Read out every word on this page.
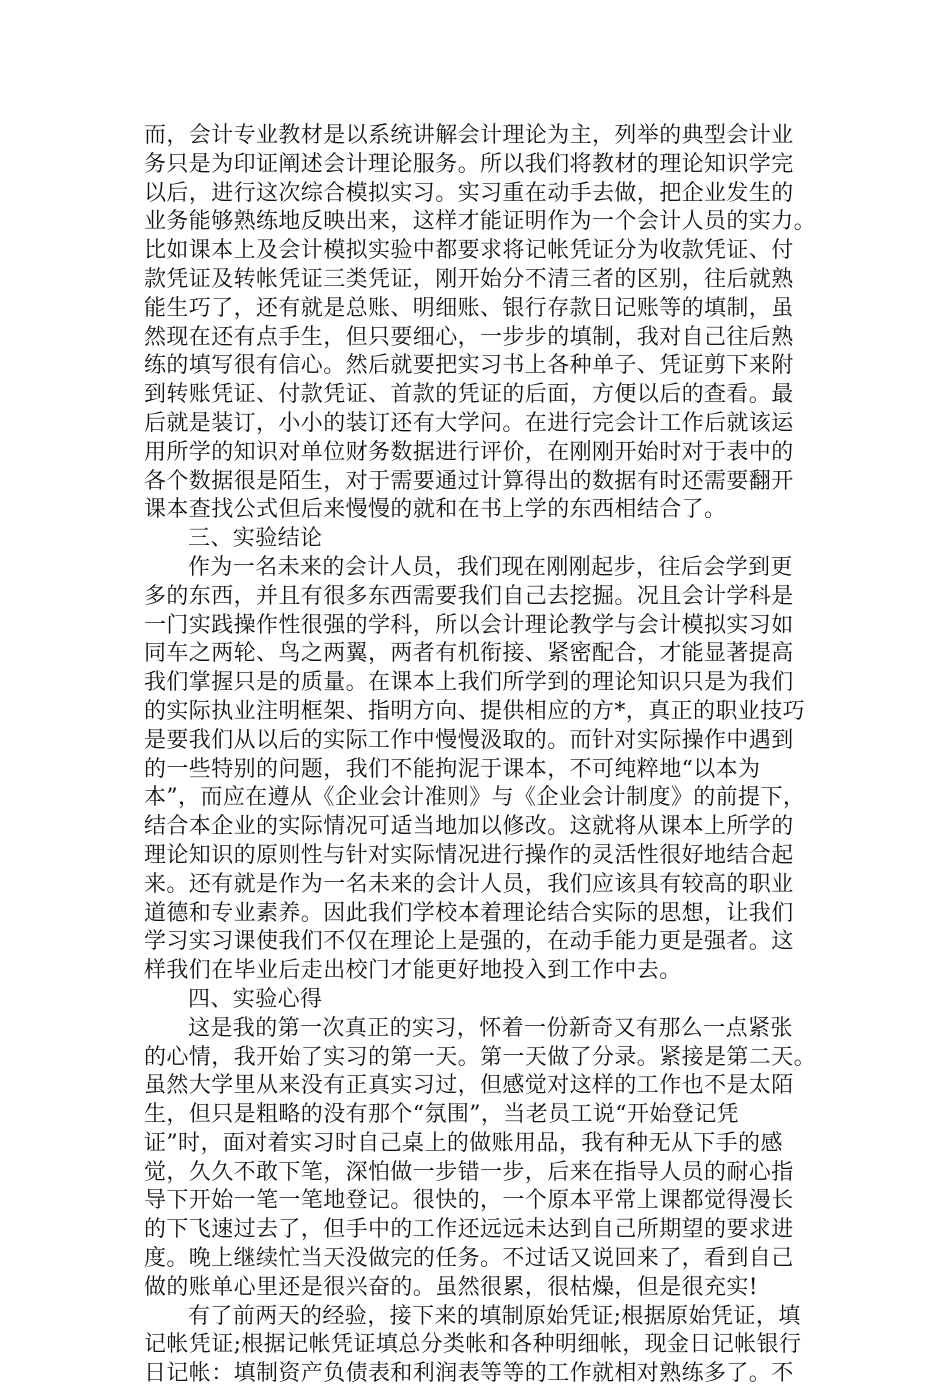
而，会计专业教材是以系统讲解会计理论为主，列举的典型会计业
务只是为印证阐述会计理论服务。所以我们将教材的理论知识学完
以后，进行这次综合模拟实习。实习重在动手去做，把企业发生的
业务能够熟练地反映出来，这样才能证明作为一个会计人员的实力。
比如课本上及会计模拟实验中都要求将记帐凭证分为收款凭证、付
款凭证及转帐凭证三类凭证，刚开始分不清三者的区别，往后就熟
能生巧了，还有就是总账、明细账、银行存款日记账等的填制，虽
然现在还有点手生，但只要细心，一步步的填制，我对自己往后熟
练的填写很有信心。然后就要把实习书上各种单子、凭证剪下来附
到转账凭证、付款凭证、首款的凭证的后面，方便以后的查看。最
后就是装订，小小的装订还有大学问。在进行完会计工作后就该运
用所学的知识对单位财务数据进行评价，在刚刚开始时对于表中的
各个数据很是陌生，对于需要通过计算得出的数据有时还需要翻开
课本查找公式但后来慢慢的就和在书上学的东西相结合了。
三、实验结论
作为一名未来的会计人员，我们现在刚刚起步，往后会学到更
多的东西，并且有很多东西需要我们自己去挖掘。况且会计学科是
一门实践操作性很强的学科，所以会计理论教学与会计模拟实习如
同车之两轮、鸟之两翼，两者有机衔接、紧密配合，才能显著提高
我们掌握只是的质量。在课本上我们所学到的理论知识只是为我们
的实际执业注明框架、指明方向、提供相应的方*，真正的职业技巧
是要我们从以后的实际工作中慢慢汲取的。而针对实际操作中遇到
的一些特别的问题，我们不能拘泥于课本，不可纯粹地“以本为
本”，而应在遵从《企业会计准则》与《企业会计制度》的前提下，
结合本企业的实际情况可适当地加以修改。这就将从课本上所学的
理论知识的原则性与针对实际情况进行操作的灵活性很好地结合起
来。还有就是作为一名未来的会计人员，我们应该具有较高的职业
道德和专业素养。因此我们学校本着理论结合实际的思想，让我们
学习实习课使我们不仅在理论上是强的，在动手能力更是强者。这
样我们在毕业后走出校门才能更好地投入到工作中去。
四、实验心得
这是我的第一次真正的实习，怀着一份新奇又有那么一点紧张
的心情，我开始了实习的第一天。第一天做了分录。紧接是第二天。
虽然大学里从来没有正真实习过，但感觉对这样的工作也不是太陌
生，但只是粗略的没有那个“氛围”，当老员工说“开始登记凭
证”时，面对着实习时自己桌上的做账用品，我有种无从下手的感
觉，久久不敢下笔，深怕做一步错一步，后来在指导人员的耐心指
导下开始一笔一笔地登记。很快的，一个原本平常上课都觉得漫长
的下飞速过去了，但手中的工作还远远未达到自己所期望的要求进
度。晚上继续忙当天没做完的任务。不过话又说回来了，看到自己
做的账单心里还是很兴奋的。虽然很累，很枯燥，但是很充实!
有了前两天的经验，接下来的填制原始凭证;根据原始凭证，填
记帐凭证;根据记帐凭证填总分类帐和各种明细帐，现金日记帐银行
日记帐：填制资产负债表和利润表等等的工作就相对熟练多了。不
